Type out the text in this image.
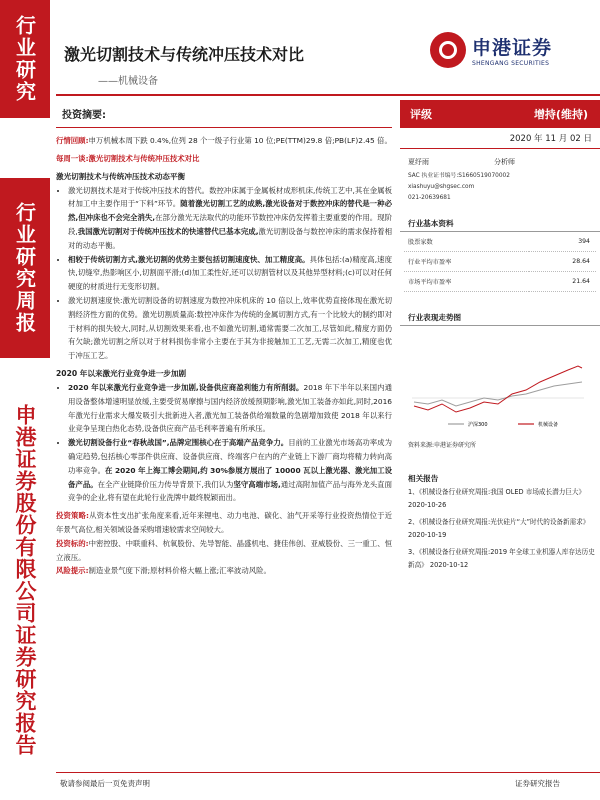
行业研究
行业研究周报
申港证券股份有限公司证券研究报告
激光切割技术与传统冲压技术对比
——机械设备
申港证券
SHENGANG SECURITIES
投资摘要:

行情回顾:申万机械本周下跌 0.4%,位列 28 个一级子行业第 10 位;PE(TTM)29.8 倍;PB(LF)2.45 倍。

每周一谈:激光切割技术与传统冲压技术对比

激光切割技术与传统冲压技术动态平衡
• 激光切割技术是对于传统冲压技术的替代。数控冲床属于金属板材成形机床,传统工艺中,其在金属板材加工中主要作用于“下料”环节。随着激光切割工艺的成熟,激光设备对于数控冲床的替代是一种必然,但冲床也不会完全消失,在部分激光无法取代的功能环节数控冲床仍发挥着主要重要的作用。现阶段,我国激光切割对于传统冲压技术的快速替代已基本完成,激光切割设备与数控冲床的需求保持着相对的动态平衡。
• 相较于传统切割方式,激光切割的优势主要包括切割速度快、加工精度高。具体包括:(a)精度高,速度快,切缝窄,热影响区小,切割面平滑;(d)加工柔性好,还可以切割管材以及其他异型材料;(c)可以对任何硬度的材质进行无变形切割。
• 激光切割速度快:激光切割设备的切割速度为数控冲床机床的 10 倍以上,效率优势直接体现在激光切割经济性方面的优势。激光切割质量高:数控冲床作为传统的金属切割方式,有一个比较大的制约即对于材料的损失较大,同时,从切割效果来看,也不如激光切割,通常需要二次加工,尽管如此,精度方面仍有欠缺;激光切割之所以对于材料损伤非常小主要在于其为非接触加工工艺,无需二次加工,精度也优于冲压工艺。
2020 年以来激光行业竞争进一步加剧
• 2020 年以来激光行业竞争进一步加剧,设备供应商盈利能力有所削弱。2018 年下半年以来国内通用设备整体增速明显放缓,主要受贸易摩擦与国内经济放缓预期影响,激光加工装备亦如此,同时,2016 年激光行业需求大爆发吸引大批新进入者,激光加工装备供给端数量的急剧增加致使 2018 年以来行业竞争呈现白热化态势,设备供应商产品毛利率普遍有所承压。
• 激光切割设备行业“春秋战国”,品牌定围核心在于高端产品竞争力。目前的工业激光市场高功率成为确定趋势,包括核心零部件供应商、设备供应商、终端客户在内的产业链上下游厂商均将精力转向高功率竞争。在 2020 年上海工博会期间,约 30%参展方展出了 10000 瓦以上激光器、激光加工设备产品。在全产业链降价压力传导背景下,我们认为坚守高端市场,通过高附加值产品与海外龙头直面竞争的企业,将有望在此轮行业洗牌中最终脱颖而出。

投资策略:从资本性支出扩张角度来看,近年来锂电、动力电池、碳化、油气开采等行业投资热情位于近年景气高位,相关领域设备采购增速较需求空间较大。

投资标的:中密控股、中联重科、杭氧股份、先导智能、晶盛机电、捷佳伟创、亚威股份、三一重工、恒立液压。

风险提示:制造业景气度下滑;原材料价格大幅上涨;汇率波动风险。

评级	增持(维持)
2020 年 11 月 02 日
夏纾雨	分析师
SAC 执业证书编号:S1660519070002
xiashuyu@shgsec.com
021-20639681
行业基本资料
股票家数	394
行业平均市盈率	28.64
市场平均市盈率	21.64
行业表现走势图
沪深300	机械设备
资料来源:申港证券研究所
相关报告
1、《机械设备行业研究周报:我国 OLED 市场成长潜力巨大》 2020-10-26
2、《机械设备行业研究周报:光伏硅片“大”时代的设备新需求》 2020-10-19
3、《机械设备行业研究周报:2019 年全球工业机器人库存达历史新高》 2020-10-12
敬请参阅最后一页免责声明	证券研究报告
